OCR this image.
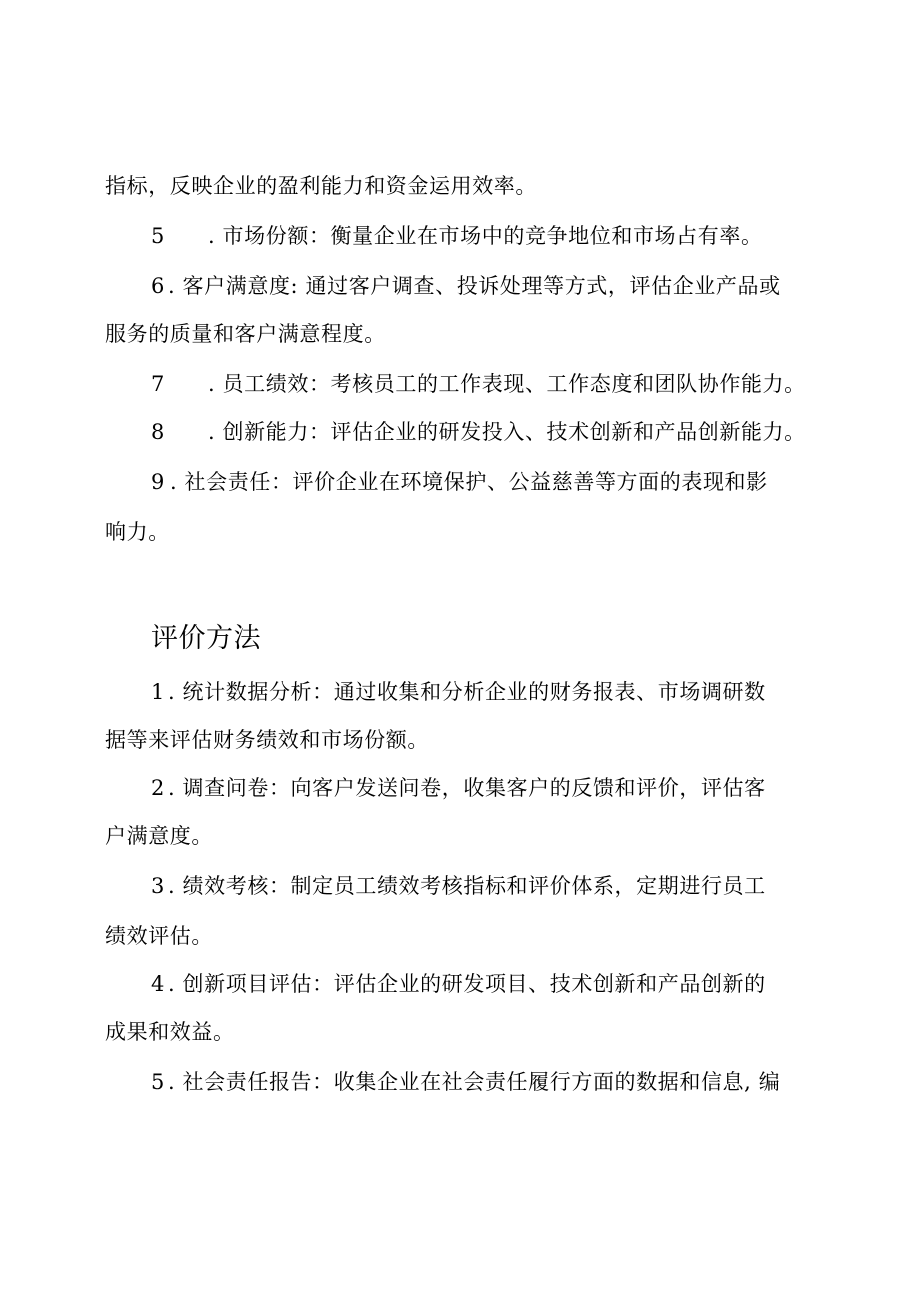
指标，反映企业的盈利能力和资金运用效率。
5 . 市场份额：衡量企业在市场中的竞争地位和市场占有率。
6 . 客户满意度: 通过客户调查、投诉处理等方式，评估企业产品或
服务的质量和客户满意程度。
7 . 员工绩效：考核员工的工作表现、工作态度和团队协作能力。
8 . 创新能力：评估企业的研发投入、技术创新和产品创新能力。
9 . 社会责任：评价企业在环境保护、公益慈善等方面的表现和影
响力。
评价方法
1 . 统计数据分析：通过收集和分析企业的财务报表、市场调研数
据等来评估财务绩效和市场份额。
2 . 调查问卷：向客户发送问卷，收集客户的反馈和评价，评估客
户满意度。
3 . 绩效考核：制定员工绩效考核指标和评价体系，定期进行员工
绩效评估。
4 . 创新项目评估：评估企业的研发项目、技术创新和产品创新的
成果和效益。
5 . 社会责任报告：收集企业在社会责任履行方面的数据和信息, 编
